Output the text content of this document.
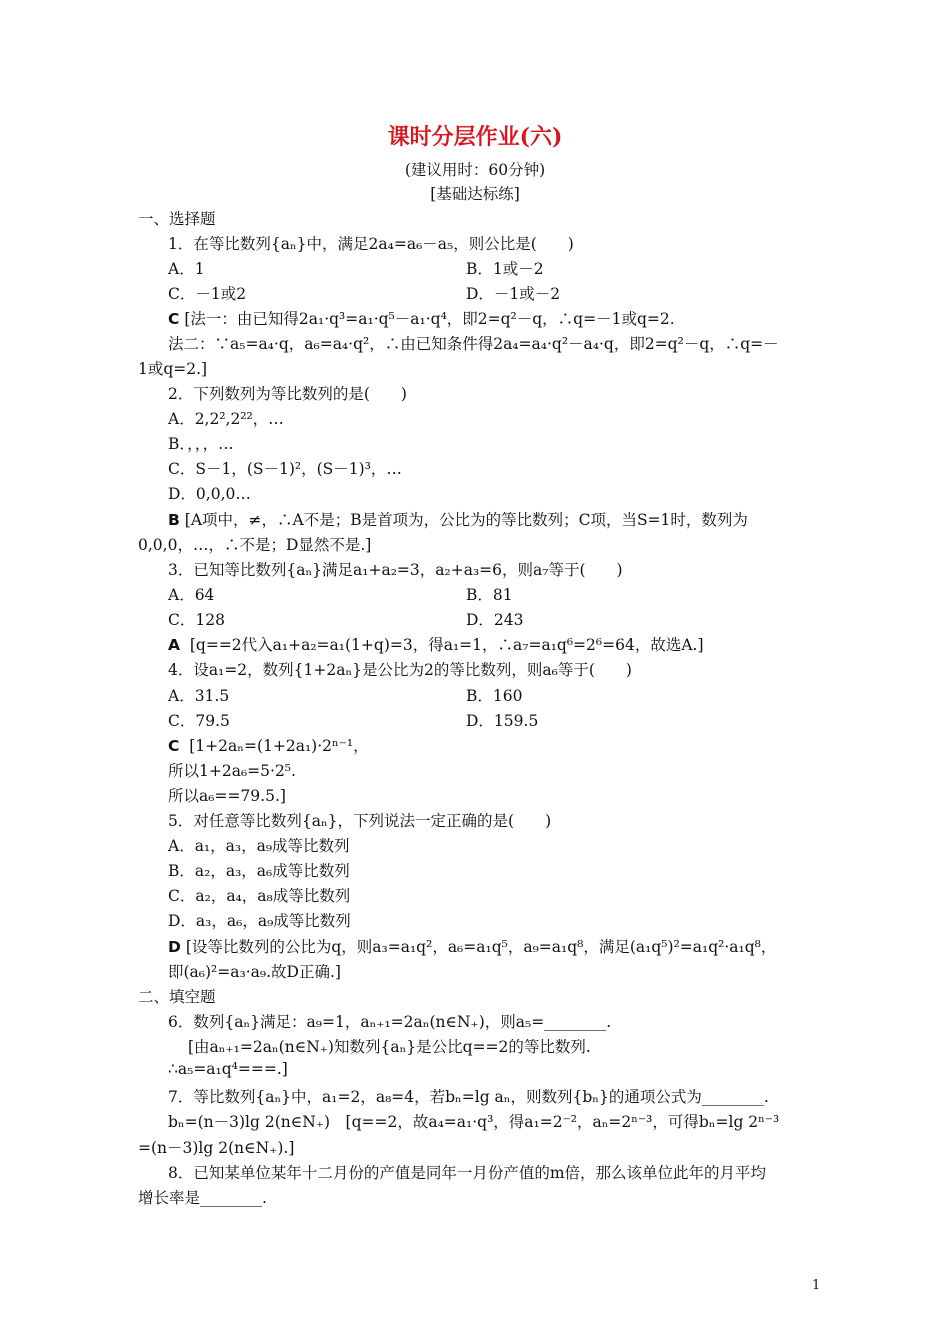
课时分层作业(六)
(建议用时：60分钟)
[基础达标练]
一、选择题
1．在等比数列{aₙ}中，满足2a₄=a₆－a₅，则公比是(　　)
A．1	B．1或－2
C．－1或2	D．－1或－2
C [法一：由已知得2a₁·q³=a₁·q⁵－a₁·q⁴，即2=q²－q，∴q=－1或q=2.
法二：∵a₅=a₄·q，a₆=a₄·q²，∴由已知条件得2a₄=a₄·q²－a₄·q，即2=q²－q，∴q=－
1或q=2.]
2．下列数列为等比数列的是(　　)
A．2,2²,2²²，…
B．，，，…
C．S－1，(S－1)²，(S－1)³，…
D．0,0,0…
B [A项中，≠，∴A不是；B是首项为，公比为的等比数列；C项，当S=1时，数列为
0,0,0，…，∴不是；D显然不是.]
3．已知等比数列{aₙ}满足a₁+a₂=3，a₂+a₃=6，则a₇等于(　　)
A．64	B．81
C．128	D．243
A [q==2代入a₁+a₂=a₁(1+q)=3，得a₁=1，∴a₇=a₁q⁶=2⁶=64，故选A.]
4．设a₁=2，数列{1+2aₙ}是公比为2的等比数列，则a₆等于(　　)
A．31.5	B．160
C．79.5	D．159.5
C [1+2aₙ=(1+2a₁)·2ⁿ⁻¹，
所以1+2a₆=5·2⁵.
所以a₆==79.5.]
5．对任意等比数列{aₙ}，下列说法一定正确的是(　　)
A．a₁，a₃，a₉成等比数列
B．a₂，a₃，a₆成等比数列
C．a₂，a₄，a₈成等比数列
D．a₃，a₆，a₉成等比数列
D [设等比数列的公比为q，则a₃=a₁q²，a₆=a₁q⁵，a₉=a₁q⁸，满足(a₁q⁵)²=a₁q²·a₁q⁸，
即(a₆)²=a₃·a₉.故D正确.]
二、填空题
6．数列{aₙ}满足：a₉=1，aₙ₊₁=2aₙ(n∈N₊)，则a₅=________.
[由aₙ₊₁=2aₙ(n∈N₊)知数列{aₙ}是公比q==2的等比数列.
∴a₅=a₁q⁴===.]
7．等比数列{aₙ}中，a₁=2，a₈=4，若bₙ=lg aₙ，则数列{bₙ}的通项公式为________.
bₙ=(n－3)lg 2(n∈N₊)　[q==2，故a₄=a₁·q³，得a₁=2⁻²，aₙ=2ⁿ⁻³，可得bₙ=lg 2ⁿ⁻³
=(n－3)lg 2(n∈N₊).]
8．已知某单位某年十二月份的产值是同年一月份产值的m倍，那么该单位此年的月平均
增长率是________.
1
